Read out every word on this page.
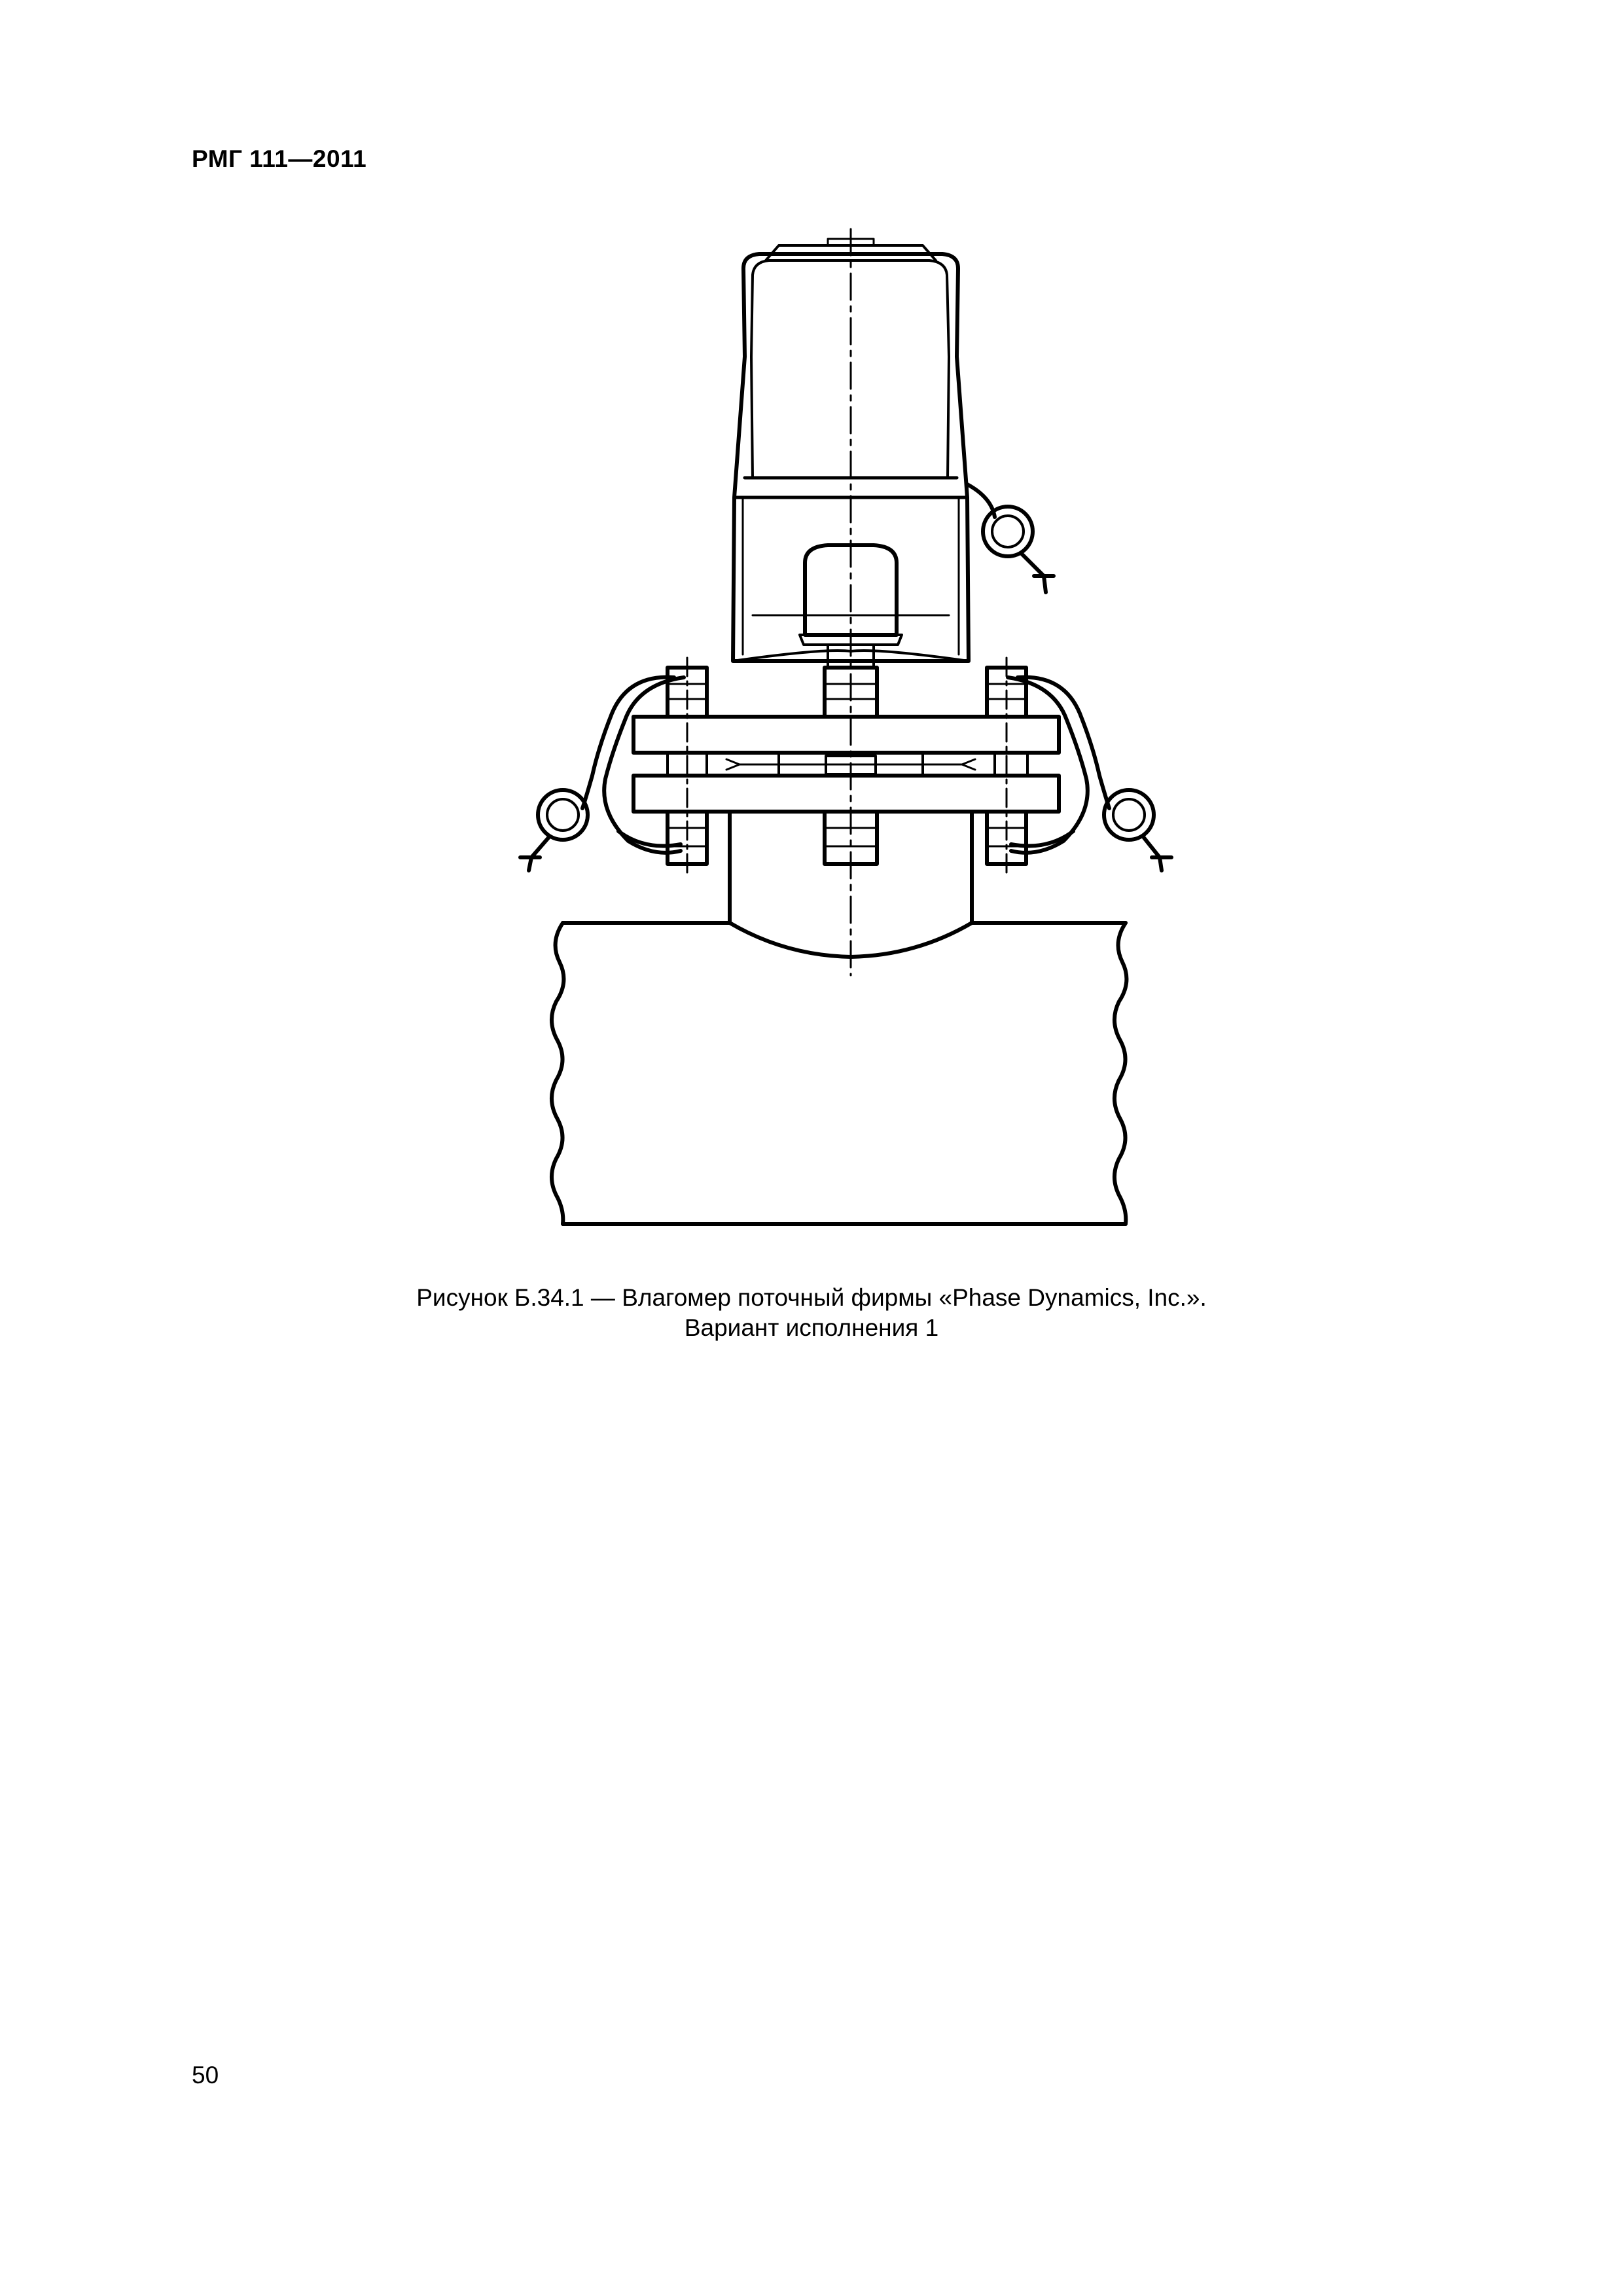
РМГ 111—2011
Рисунок Б.34.1 — Влагомер поточный фирмы «Phase Dynamics, Inc.».
Вариант исполнения 1
50
